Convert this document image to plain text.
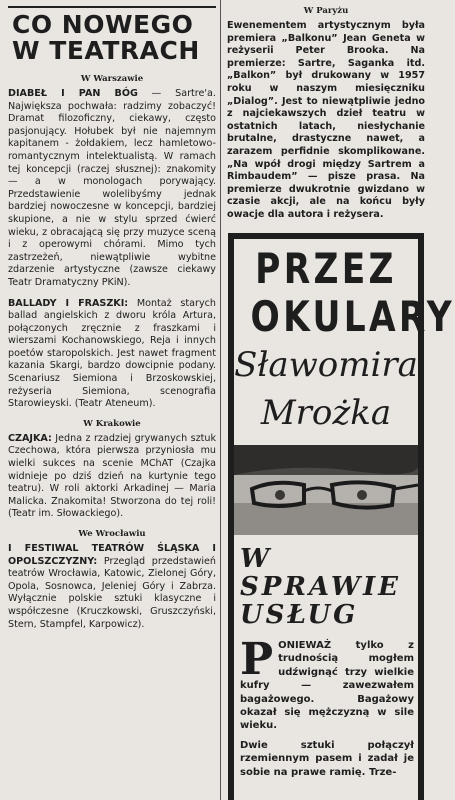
CO NOWEGO
W TEATRACH
W Warszawie
DIABEŁ I PAN BÓG — Sartre'a. Największa pochwała: radzimy zobaczyć! Dramat filozoficzny, ciekawy, często pasjonujący. Hołubek był nie najemnym kapitanem - żołdakiem, lecz hamletowo-romantycznym intelektualistą. W ramach tej koncepcji (raczej słusznej): znakomity — a w monologach porywający. Przedstawienie wolelibyśmy jednak bardziej nowoczesne w koncepcji, bardziej skupione, a nie w stylu sprzed ćwierć wieku, z obracającą się przy muzyce sceną i z operowymi chórami. Mimo tych zastrzeżeń, niewątpliwie wybitne zdarzenie artystyczne (zawsze ciekawy Teatr Dramatyczny PKiN).
BALLADY I FRASZKI: Montaż starych ballad angielskich z dworu króla Artura, połączonych zręcznie z fraszkami i wierszami Kochanowskiego, Reja i innych poetów staropolskich. Jest nawet fragment kazania Skargi, bardzo dowcipnie podany. Scenariusz Siemiona i Brzoskowskiej, reżyseria Siemiona, scenografia Starowieyski. (Teatr Ateneum).
W Krakowie
CZAJKA: Jedna z rzadziej grywanych sztuk Czechowa, która pierwsza przyniosła mu wielki sukces na scenie MChAT (Czajka widnieje po dziś dzień na kurtynie tego teatru). W roli aktorki Arkadinej — Maria Malicka. Znakomita! Stworzona do tej roli! (Teatr im. Słowackiego).
We Wrocławiu
I FESTIWAL TEATRÓW ŚLĄSKA I OPOLSZCZYZNY: Przegląd przedstawień teatrów Wrocławia, Katowic, Zielonej Góry, Opola, Sosnowca, Jeleniej Góry i Zabrza. Wyłącznie polskie sztuki klasyczne i współczesne (Kruczkowski, Gruszczyński, Stern, Stampfel, Karpowicz).
W Paryżu

Ewenementem artystycznym była premiera „Balkonu” Jean Geneta w reżyserii Peter Brooka. Na premierze: Sartre, Saganka itd. „Balkon” był drukowany w 1957 roku w naszym miesięczniku „Dialog”. Jest to niewątpliwie jedno z najciekawszych dzieł teatru w ostatnich latach, niesłychanie brutalne, drastyczne nawet, a zarazem perfidnie skomplikowane. „Na wpół drogi między Sartrem a Rimbaudem” — pisze prasa. Na premierze dwukrotnie gwizdano w czasie akcji, ale na końcu były owacje dla autora i reżysera.

PRZEZ
OKULARY
Sławomira
Mrożka
W SPRAWIE
USŁUG

PONIEWAŻ tylko z trudnością mogłem udźwignąć trzy wielkie kufry — zawezwałem bagażowego. Bagażowy okazał się mężczyzną w sile wieku.

Dwie sztuki połączył rzemiennym pasem i zadał je sobie na prawe ramię. Trze-
